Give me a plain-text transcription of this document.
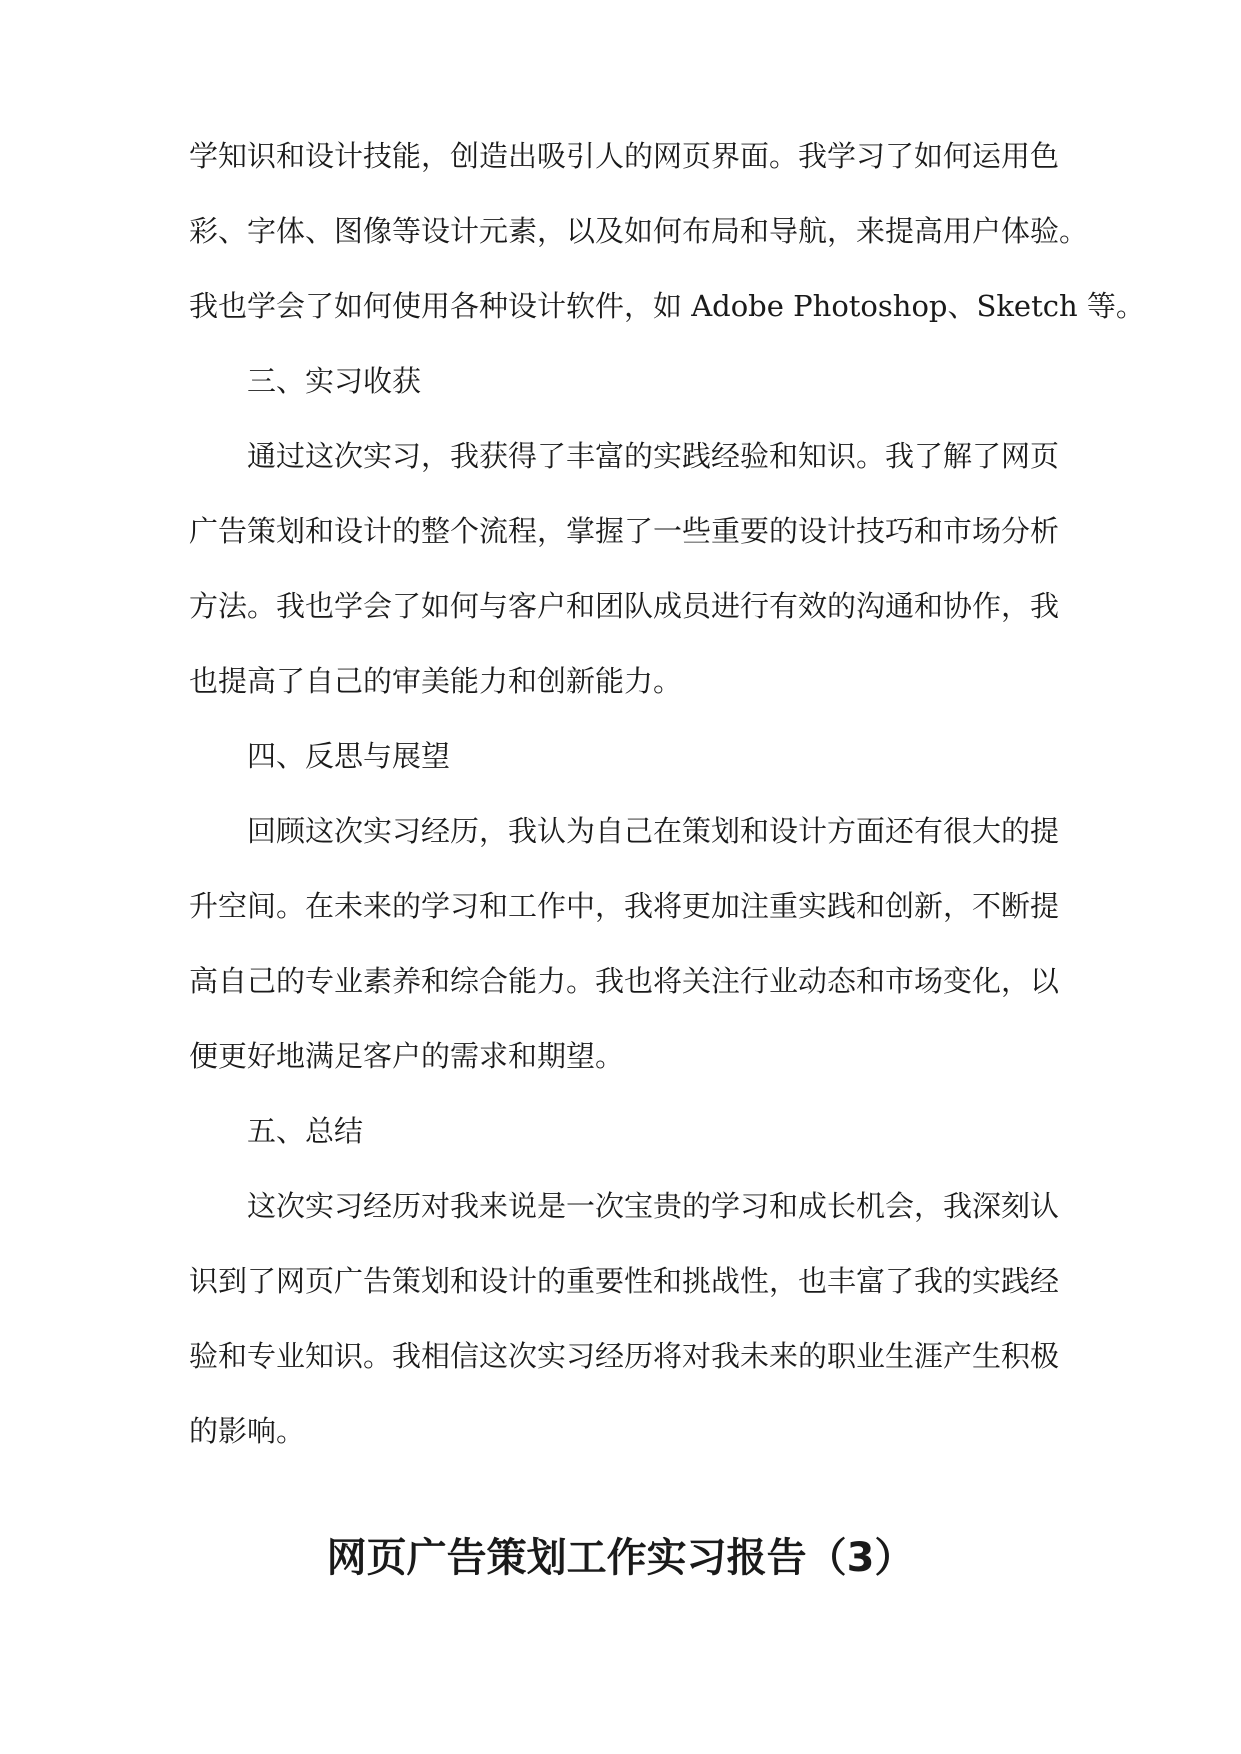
学知识和设计技能，创造出吸引人的网页界面。我学习了如何运用色
彩、字体、图像等设计元素，以及如何布局和导航，来提高用户体验。
我也学会了如何使用各种设计软件，如 Adobe Photoshop、Sketch 等。
三、实习收获
通过这次实习，我获得了丰富的实践经验和知识。我了解了网页
广告策划和设计的整个流程，掌握了一些重要的设计技巧和市场分析
方法。我也学会了如何与客户和团队成员进行有效的沟通和协作，我
也提高了自己的审美能力和创新能力。
四、反思与展望
回顾这次实习经历，我认为自己在策划和设计方面还有很大的提
升空间。在未来的学习和工作中，我将更加注重实践和创新，不断提
高自己的专业素养和综合能力。我也将关注行业动态和市场变化，以
便更好地满足客户的需求和期望。
五、总结
这次实习经历对我来说是一次宝贵的学习和成长机会，我深刻认
识到了网页广告策划和设计的重要性和挑战性，也丰富了我的实践经
验和专业知识。我相信这次实习经历将对我未来的职业生涯产生积极
的影响。
网页广告策划工作实习报告（3）
